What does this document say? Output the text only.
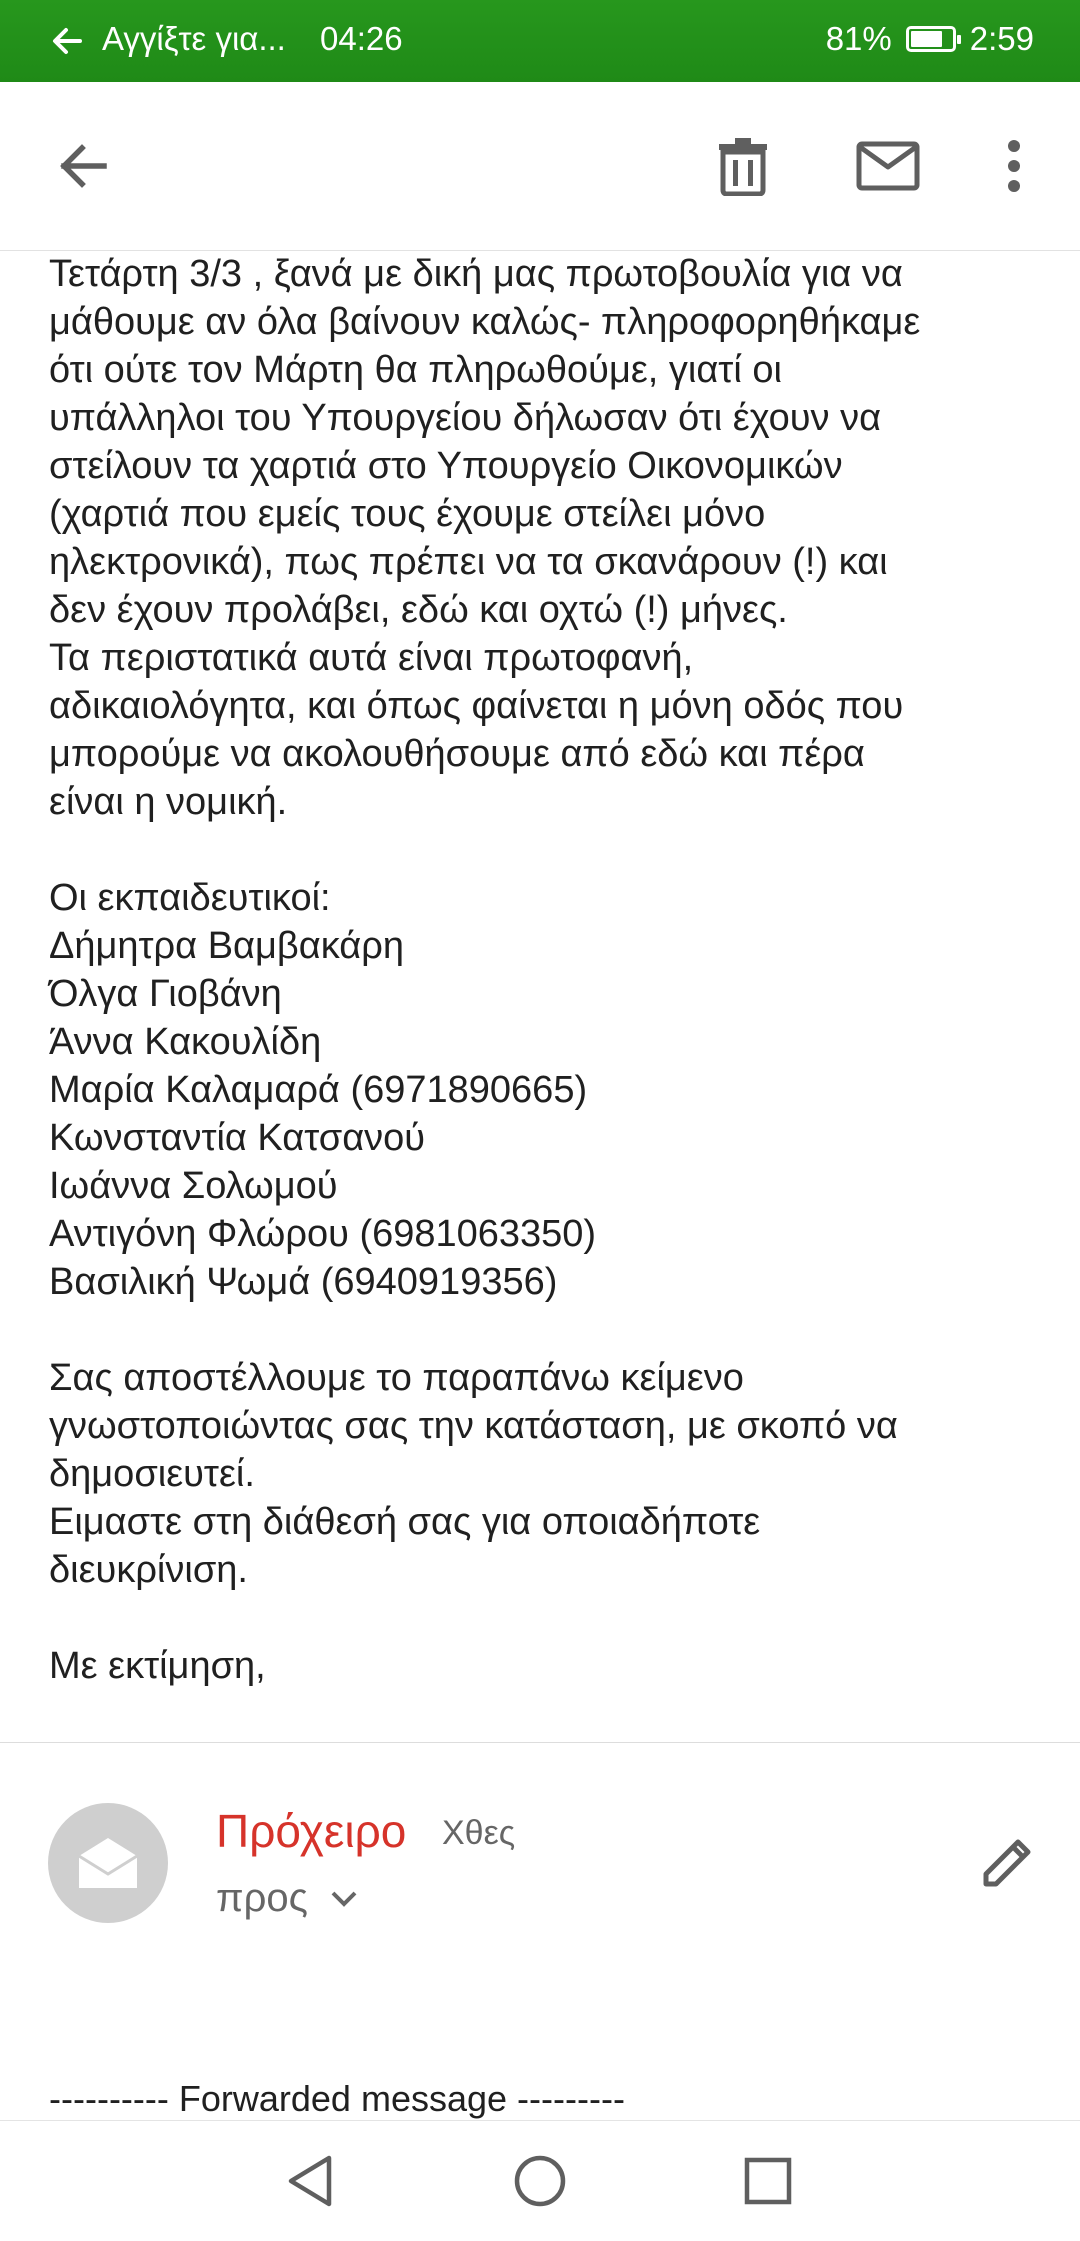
Αγγίξτε για... 04:26	81% 2:59
Τετάρτη 3/3 , ξανά με δική μας πρωτοβουλία για να
μάθουμε αν όλα βαίνουν καλώς- πληροφορηθήκαμε
ότι ούτε τον Μάρτη θα πληρωθούμε, γιατί οι
υπάλληλοι του Υπουργείου δήλωσαν ότι έχουν να
στείλουν τα χαρτιά στο Υπουργείο Οικονομικών
(χαρτιά που εμείς τους έχουμε στείλει μόνο
ηλεκτρονικά), πως πρέπει να τα σκανάρουν (!) και
δεν έχουν προλάβει, εδώ και οχτώ (!) μήνες.
Τα περιστατικά αυτά είναι πρωτοφανή,
αδικαιολόγητα, και όπως φαίνεται η μόνη οδός που
μπορούμε να ακολουθήσουμε από εδώ και πέρα
είναι η νομική.
Οι εκπαιδευτικοί:
Δήμητρα Βαμβακάρη
Όλγα Γιοβάνη
Άννα Κακουλίδη
Μαρία Καλαμαρά (6971890665)
Κωνσταντία Κατσανού
Ιωάννα Σολωμού
Αντιγόνη Φλώρου (6981063350)
Βασιλική Ψωμά (6940919356)
Σας αποστέλλουμε το παραπάνω κείμενο
γνωστοποιώντας σας την κατάσταση, με σκοπό να
δημοσιευτεί.
Ειμαστε στη διάθεσή σας για οποιαδήποτε
διευκρίνιση.
Με εκτίμηση,
Πρόχειρο Χθες
προς
---------- Forwarded message ---------
